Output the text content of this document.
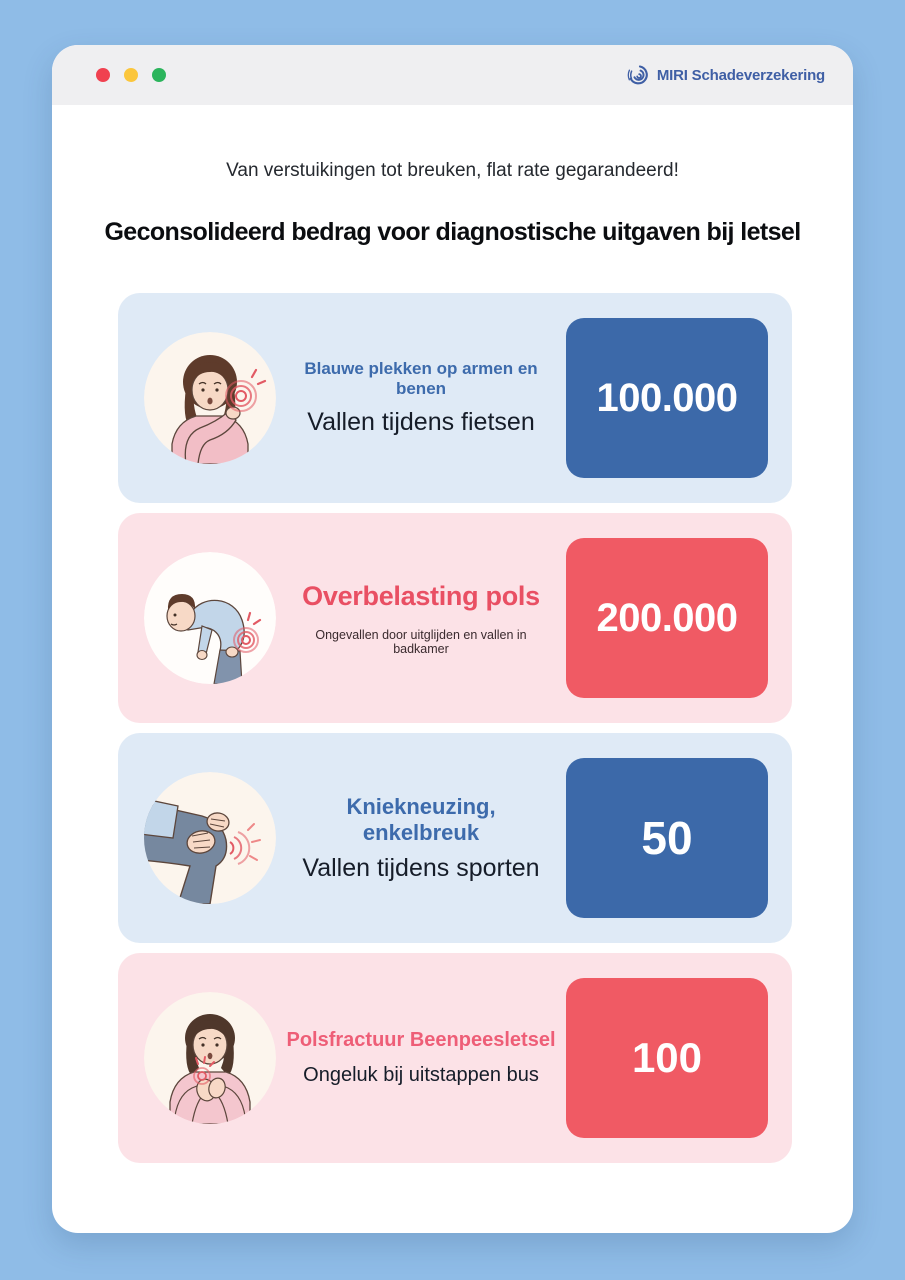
MIRI Schadeverzekering
Van verstuikingen tot breuken, flat rate gegarandeerd!
Geconsolideerd bedrag voor diagnostische uitgaven bij letsel
Blauwe plekken op armen en benen
Vallen tijdens fietsen
100.000
Overbelasting pols
Ongevallen door uitglijden en vallen in badkamer
200.000
Kniekneuzing, enkelbreuk
Vallen tijdens sporten
50
Polsfractuur Beenpeesletsel
Ongeluk bij uitstappen bus	100
